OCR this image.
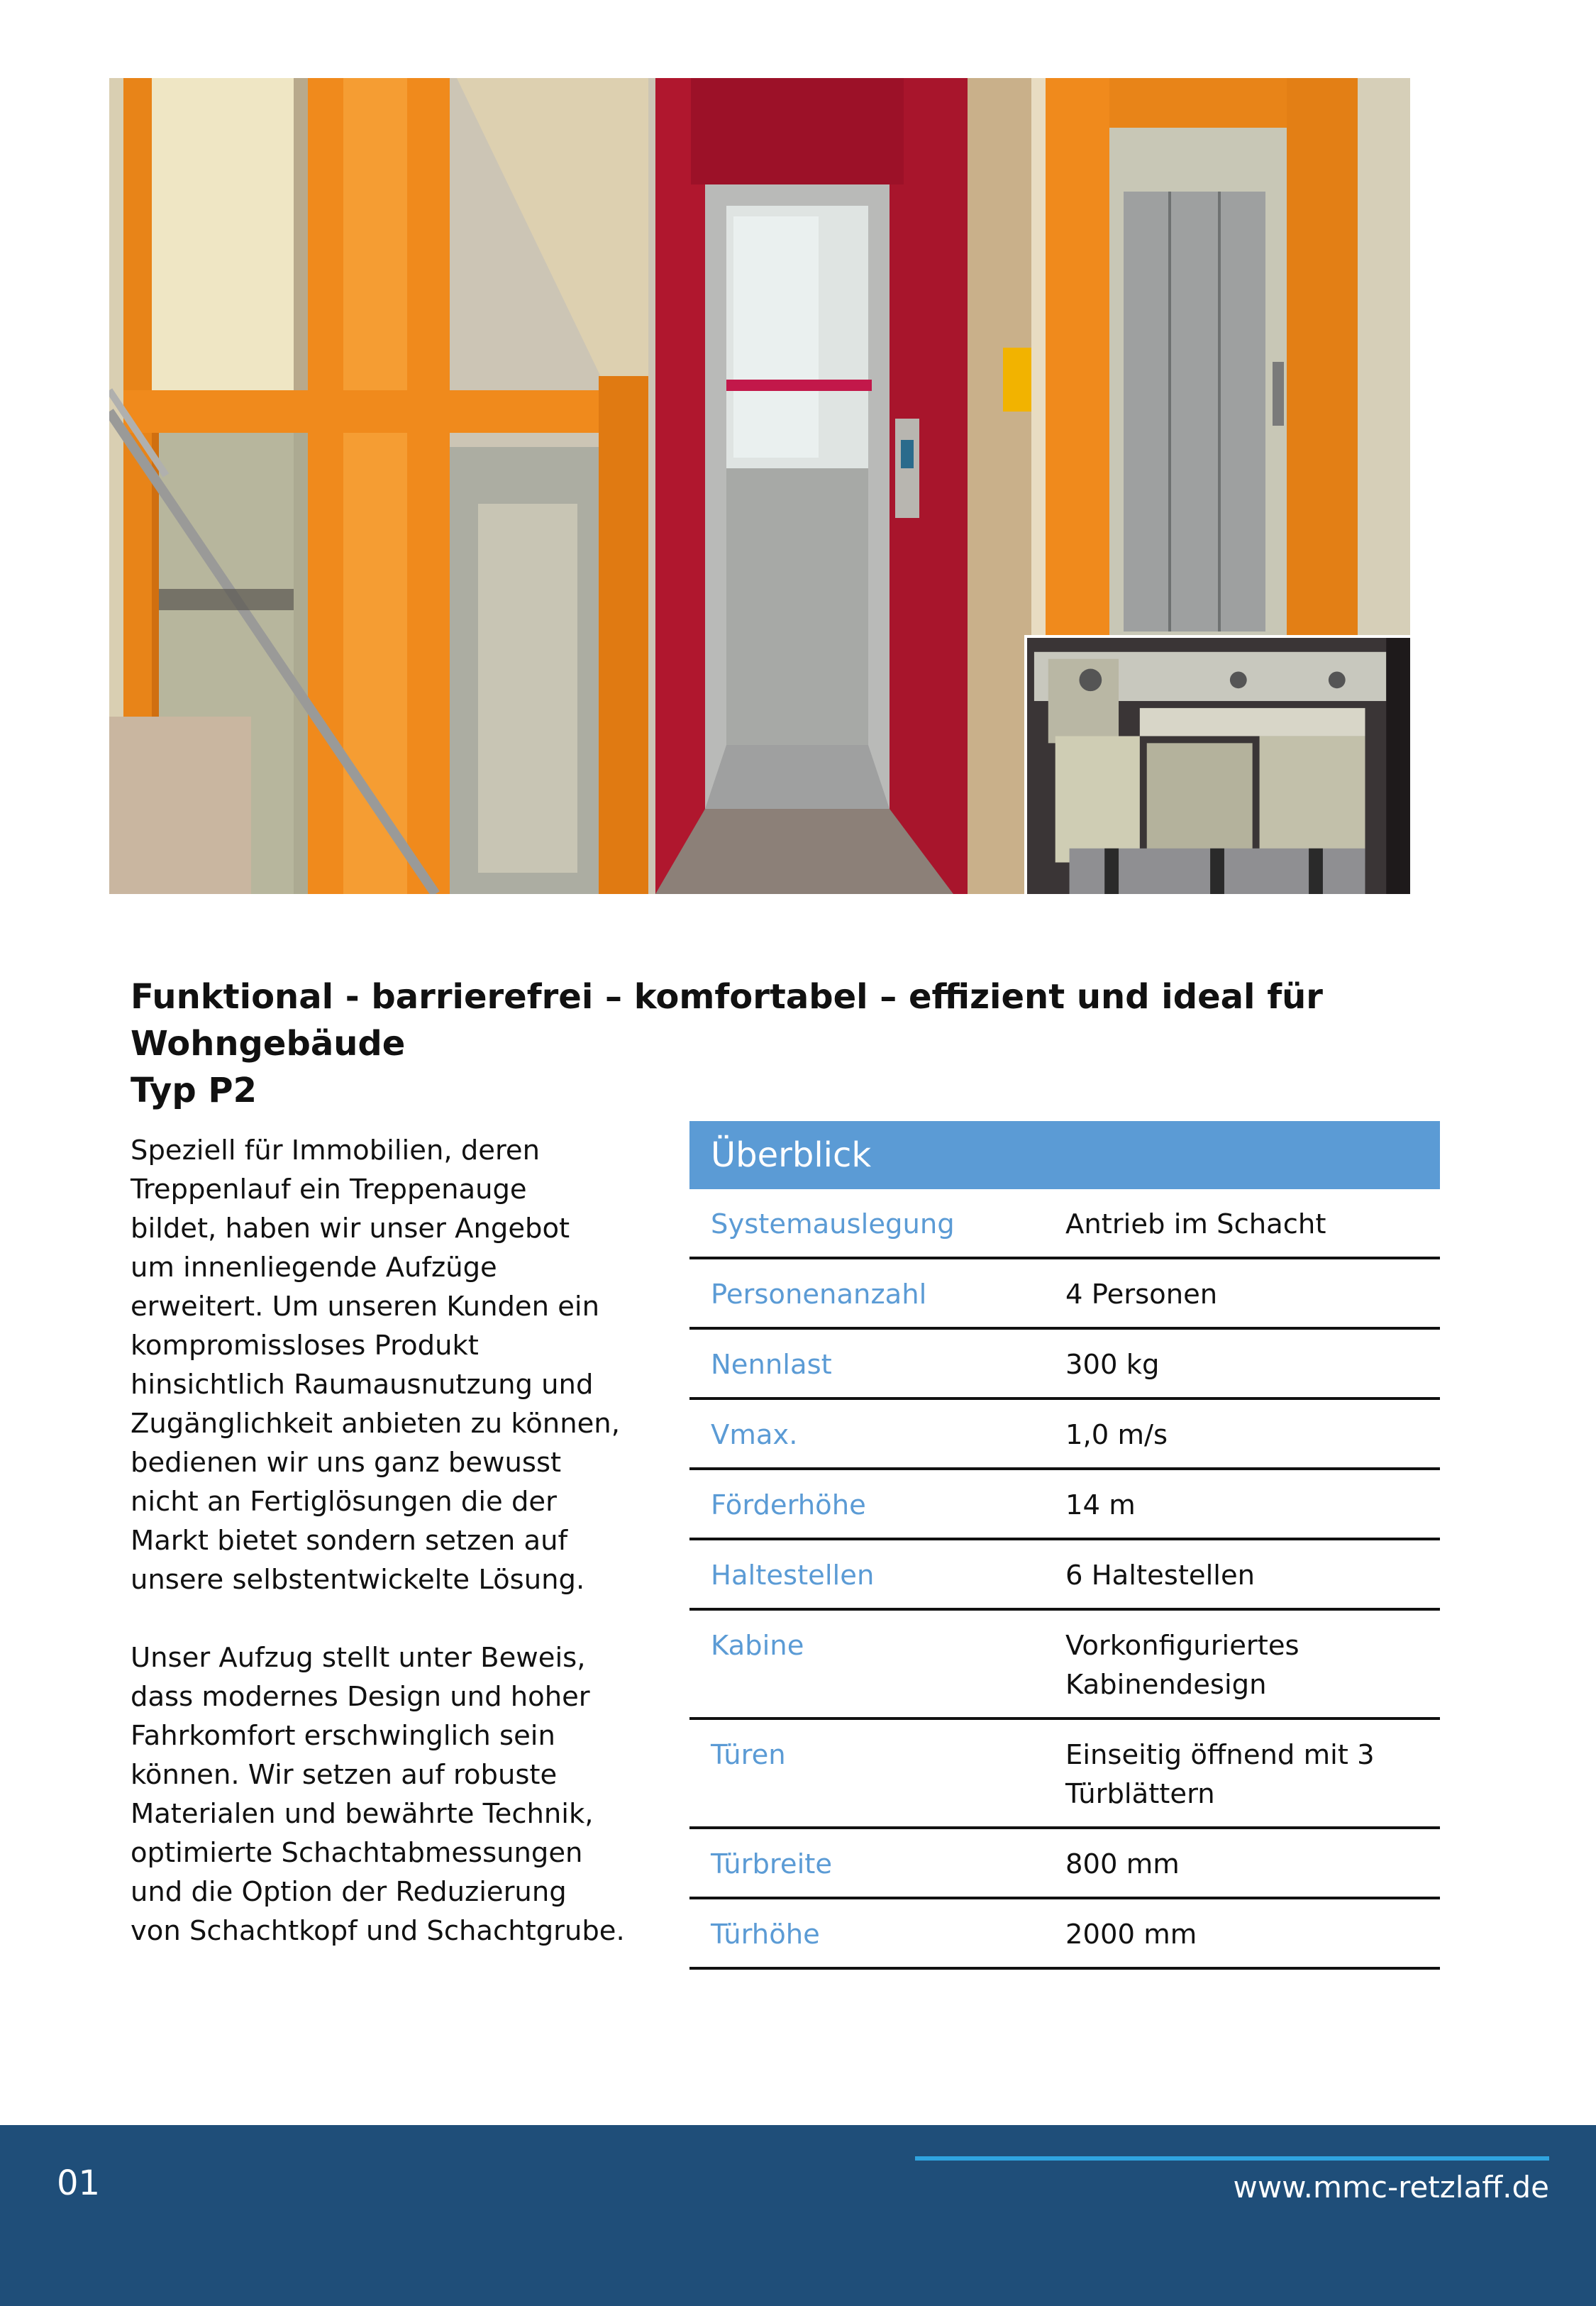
Funktional - barrierefrei – komfortabel – effizient und ideal für Wohngebäude
Typ P2

Speziell für Immobilien, deren
Treppenlauf ein Treppenauge
bildet, haben wir unser Angebot
um innenliegende Aufzüge
erweitert. Um unseren Kunden ein
kompromissloses Produkt
hinsichtlich Raumausnutzung und
Zugänglichkeit anbieten zu können,
bedienen wir uns ganz bewusst
nicht an Fertiglösungen die der
Markt bietet sondern setzen auf
unsere selbstentwickelte Lösung.

Unser Aufzug stellt unter Beweis,
dass modernes Design und hoher
Fahrkomfort erschwinglich sein
können. Wir setzen auf robuste
Materialen und bewährte Technik,
optimierte Schachtabmessungen
und die Option der Reduzierung
von Schachtkopf und Schachtgrube.

Überblick
Systemauslegung	Antrieb im Schacht
Personenanzahl	4 Personen
Nennlast	300 kg
Vmax.	1,0 m/s
Förderhöhe	14 m
Haltestellen	6 Haltestellen
Kabine	Vorkonfiguriertes
Kabinendesign
Türen	Einseitig öffnend mit 3
Türblättern
Türbreite	800 mm
Türhöhe	2000 mm
01	www.mmc-retzlaff.de
